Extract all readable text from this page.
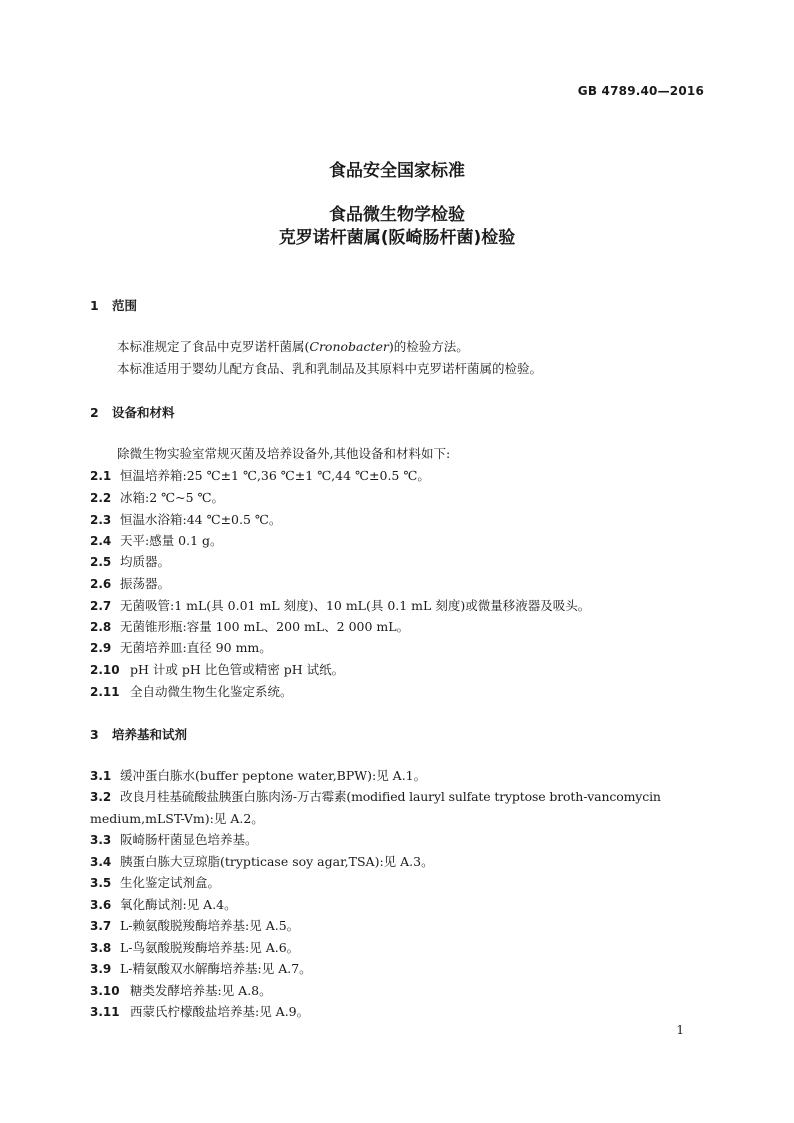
GB 4789.40—2016
食品安全国家标准
食品微生物学检验
克罗诺杆菌属(阪崎肠杆菌)检验
1 范围
本标准规定了食品中克罗诺杆菌属(Cronobacter)的检验方法。
本标准适用于婴幼儿配方食品、乳和乳制品及其原料中克罗诺杆菌属的检验。
2 设备和材料
除微生物实验室常规灭菌及培养设备外,其他设备和材料如下:
2.1 恒温培养箱:25 ℃±1 ℃,36 ℃±1 ℃,44 ℃±0.5 ℃。
2.2 冰箱:2 ℃~5 ℃。
2.3 恒温水浴箱:44 ℃±0.5 ℃。
2.4 天平:感量 0.1 g。
2.5 均质器。
2.6 振荡器。
2.7 无菌吸管:1 mL(具 0.01 mL 刻度)、10 mL(具 0.1 mL 刻度)或微量移液器及吸头。
2.8 无菌锥形瓶:容量 100 mL、200 mL、2 000 mL。
2.9 无菌培养皿:直径 90 mm。
2.10 pH 计或 pH 比色管或精密 pH 试纸。
2.11 全自动微生物生化鉴定系统。
3 培养基和试剂
3.1 缓冲蛋白胨水(buffer peptone water,BPW):见 A.1。
3.2 改良月桂基硫酸盐胰蛋白胨肉汤-万古霉素(modified lauryl sulfate tryptose broth-vancomycin
medium,mLST-Vm):见 A.2。
3.3 阪崎肠杆菌显色培养基。
3.4 胰蛋白胨大豆琼脂(trypticase soy agar,TSA):见 A.3。
3.5 生化鉴定试剂盒。
3.6 氧化酶试剂:见 A.4。
3.7 L-赖氨酸脱羧酶培养基:见 A.5。
3.8 L-鸟氨酸脱羧酶培养基:见 A.6。
3.9 L-精氨酸双水解酶培养基:见 A.7。
3.10 糖类发酵培养基:见 A.8。
3.11 西蒙氏柠檬酸盐培养基:见 A.9。
1
